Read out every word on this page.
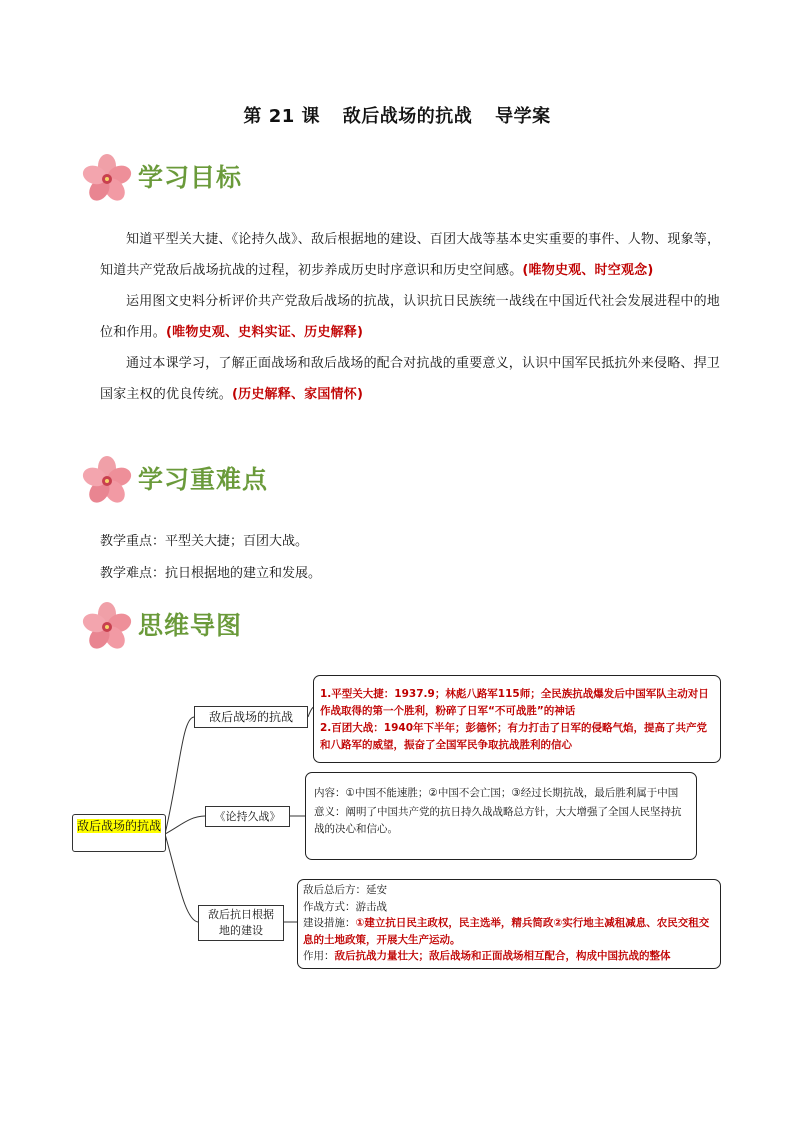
第 21 课 敌后战场的抗战 导学案
学习目标
知道平型关大捷、《论持久战》、敌后根据地的建设、百团大战等基本史实重要的事件、人物、现象等，知道共产党敌后战场抗战的过程，初步养成历史时序意识和历史空间感。(唯物史观、时空观念)
运用图文史料分析评价共产党敌后战场的抗战，认识抗日民族统一战线在中国近代社会发展进程中的地位和作用。(唯物史观、史料实证、历史解释)
通过本课学习，了解正面战场和敌后战场的配合对抗战的重要意义，认识中国军民抵抗外来侵略、捍卫国家主权的优良传统。(历史解释、家国情怀)
学习重难点
教学重点：平型关大捷；百团大战。
教学难点：抗日根据地的建立和发展。
思维导图
敌后战场的抗战
敌后战场的抗战
《论持久战》
敌后抗日根据地的建设
1.平型关大捷：1937.9；林彪八路军115师；全民族抗战爆发后中国军队主动对日作战取得的第一个胜利，粉碎了日军“不可战胜”的神话
2.百团大战：1940年下半年；彭德怀；有力打击了日军的侵略气焰，提高了共产党和八路军的威望，振奋了全国军民争取抗战胜利的信心
内容：①中国不能速胜；②中国不会亡国；③经过长期抗战，最后胜利属于中国
意义：阐明了中国共产党的抗日持久战战略总方针，大大增强了全国人民坚持抗战的决心和信心。
敌后总后方：延安
作战方式：游击战
建设措施：①建立抗日民主政权，民主选举，精兵简政②实行地主减租减息、农民交租交息的土地政策，开展大生产运动。
作用：敌后抗战力量壮大；敌后战场和正面战场相互配合，构成中国抗战的整体
